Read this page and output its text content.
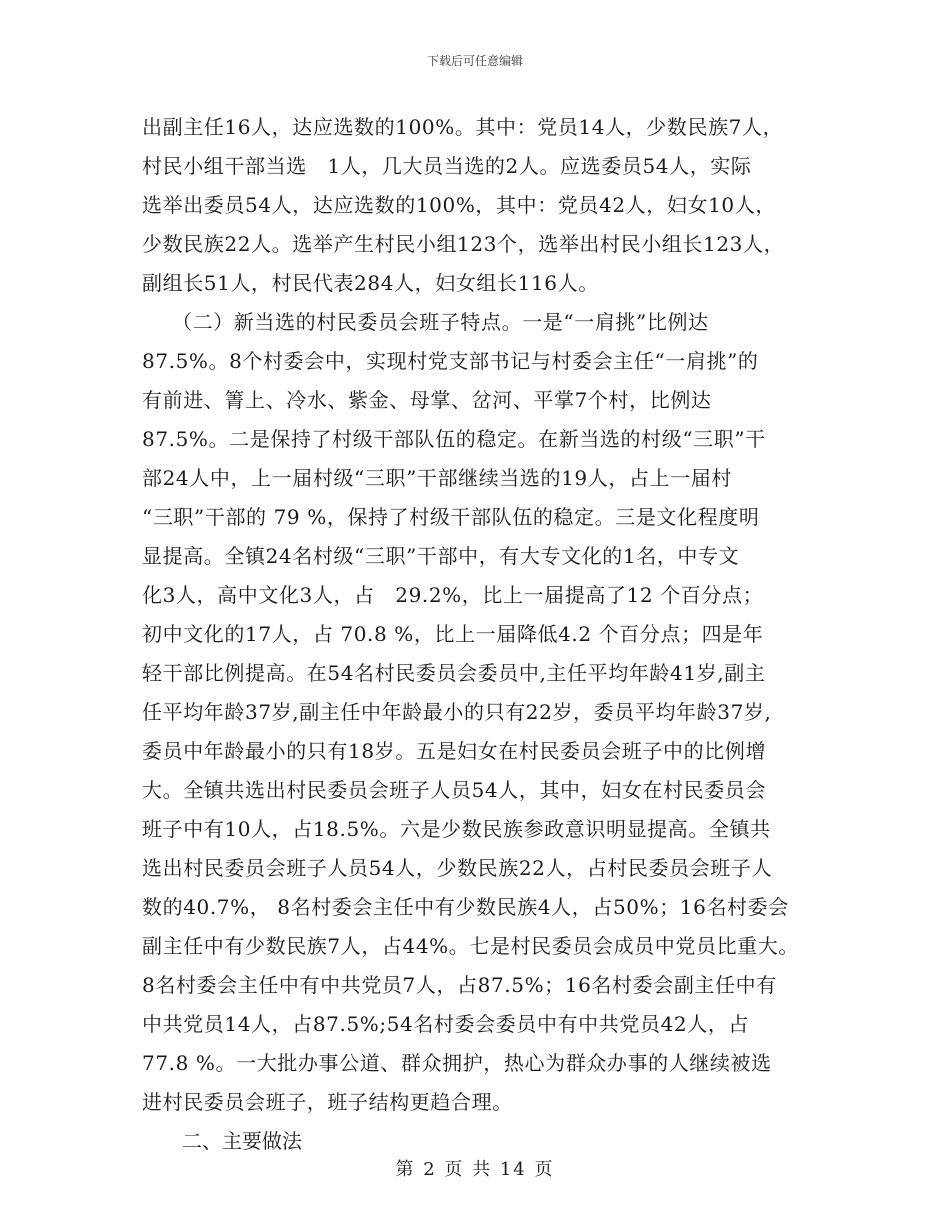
下载后可任意编辑
出副主任16人，达应选数的100%。其中：党员14人，少数民族7人，
村民小组干部当选　1人，几大员当选的2人。应选委员54人，实际
选举出委员54人，达应选数的100%，其中：党员42人，妇女10人，
少数民族22人。选举产生村民小组123个，选举出村民小组长123人，
副组长51人，村民代表284人，妇女组长116人。
（二）新当选的村民委员会班子特点。一是“一肩挑”比例达
87.5%。8个村委会中，实现村党支部书记与村委会主任“一肩挑”的
有前进、箐上、冷水、紫金、母掌、岔河、平掌7个村，比例达
87.5%。二是保持了村级干部队伍的稳定。在新当选的村级“三职”干
部24人中，上一届村级“三职”干部继续当选的19人，占上一届村
“三职”干部的 79 %，保持了村级干部队伍的稳定。三是文化程度明
显提高。全镇24名村级“三职”干部中，有大专文化的1名，中专文
化3人，高中文化3人，占　29.2%，比上一届提高了12 个百分点；
初中文化的17人，占 70.8 %，比上一届降低4.2 个百分点；四是年
轻干部比例提高。在54名村民委员会委员中,主任平均年龄41岁,副主
任平均年龄37岁,副主任中年龄最小的只有22岁，委员平均年龄37岁,
委员中年龄最小的只有18岁。五是妇女在村民委员会班子中的比例增
大。全镇共选出村民委员会班子人员54人，其中，妇女在村民委员会
班子中有10人，占18.5%。六是少数民族参政意识明显提高。全镇共
选出村民委员会班子人员54人，少数民族22人，占村民委员会班子人
数的40.7%， 8名村委会主任中有少数民族4人，占50%；16名村委会
副主任中有少数民族7人，占44%。七是村民委员会成员中党员比重大。
8名村委会主任中有中共党员7人，占87.5%；16名村委会副主任中有
中共党员14人，占87.5%;54名村委会委员中有中共党员42人，占
77.8 %。一大批办事公道、群众拥护，热心为群众办事的人继续被选
进村民委员会班子，班子结构更趋合理。
二、主要做法
第 2 页 共 14 页
